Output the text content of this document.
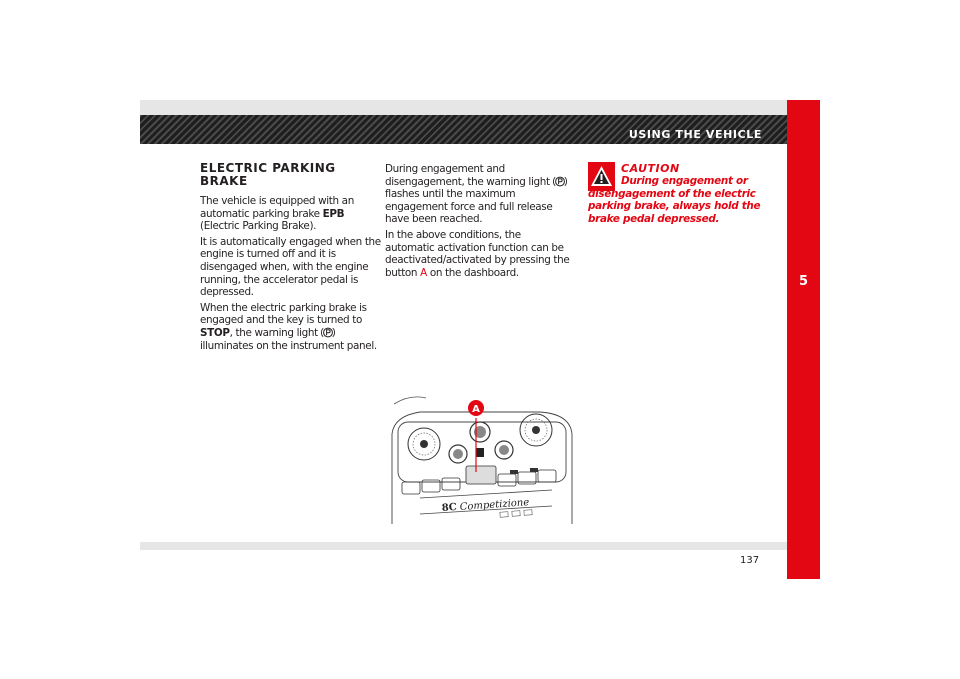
USING THE VEHICLE
5
137
ELECTRIC PARKING
BRAKE

The vehicle is equipped with an automatic parking brake EPB (Electric Parking Brake).

It is automatically engaged when the engine is turned off and it is disengaged when, with the engine running, the accelerator pedal is depressed.

When the electric parking brake is engaged and the key is turned to STOP, the warning light  illuminates on the instrument panel.

During engagement and disengagement, the warning light  flashes until the maximum engagement force and full release have been reached.

In the above conditions, the automatic activation function can be deactivated/activated by pressing the button A on the dashboard.

CAUTION
During engagement or disengagement of the electric parking brake, always hold the brake pedal depressed.
A
8C Competizione
